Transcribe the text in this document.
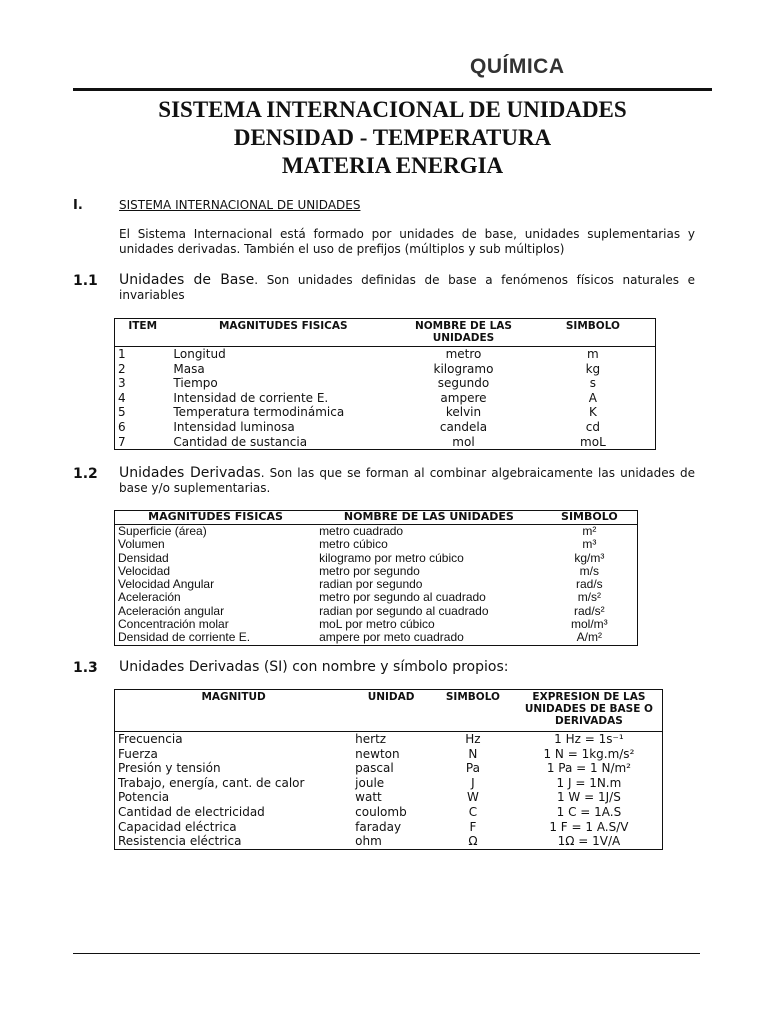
QUÍMICA
SISTEMA INTERNACIONAL DE UNIDADES
DENSIDAD - TEMPERATURA
MATERIA ENERGIA
I.	SISTEMA INTERNACIONAL DE UNIDADES
El Sistema Internacional está formado por unidades de base, unidades suplementarias y unidades derivadas. También el uso de prefijos (múltiplos y sub múltiplos)
1.1 Unidades de Base. Son unidades definidas de base a fenómenos físicos naturales e invariables
ITEM	MAGNITUDES FISICAS	NOMBRE DE LAS UNIDADES	SIMBOLO
1	Longitud	metro	m
2	Masa	kilogramo	kg
3	Tiempo	segundo	s
4	Intensidad de corriente E.	ampere	A
5	Temperatura termodinámica	kelvin	K
6	Intensidad luminosa	candela	cd
7	Cantidad de sustancia	mol	moL
1.2 Unidades Derivadas. Son las que se forman al combinar algebraicamente las unidades de base y/o suplementarias.
MAGNITUDES FISICAS	NOMBRE DE LAS UNIDADES	SIMBOLO
Superficie (área)	metro cuadrado	m²
Volumen	metro cúbico	m³
Densidad	kilogramo por metro cúbico	kg/m³
Velocidad	metro por segundo	m/s
Velocidad Angular	radian por segundo	rad/s
Aceleración	metro por segundo al cuadrado	m/s²
Aceleración angular	radian por segundo al cuadrado	rad/s²
Concentración molar	moL por metro cúbico	mol/m³
Densidad de corriente E.	ampere por meto cuadrado	A/m²
1.3 Unidades Derivadas (SI) con nombre y símbolo propios:
MAGNITUD	UNIDAD	SIMBOLO	EXPRESION DE LAS UNIDADES DE BASE O DERIVADAS
Frecuencia	hertz	Hz	1 Hz = 1s⁻¹
Fuerza	newton	N	1 N = 1kg.m/s²
Presión y tensión	pascal	Pa	1 Pa = 1 N/m²
Trabajo, energía, cant. de calor	joule	J	1 J = 1N.m
Potencia	watt	W	1 W = 1J/S
Cantidad de electricidad	coulomb	C	1 C = 1A.S
Capacidad eléctrica	faraday	F	1 F = 1 A.S/V
Resistencia eléctrica	ohm	Ω	1Ω = 1V/A
